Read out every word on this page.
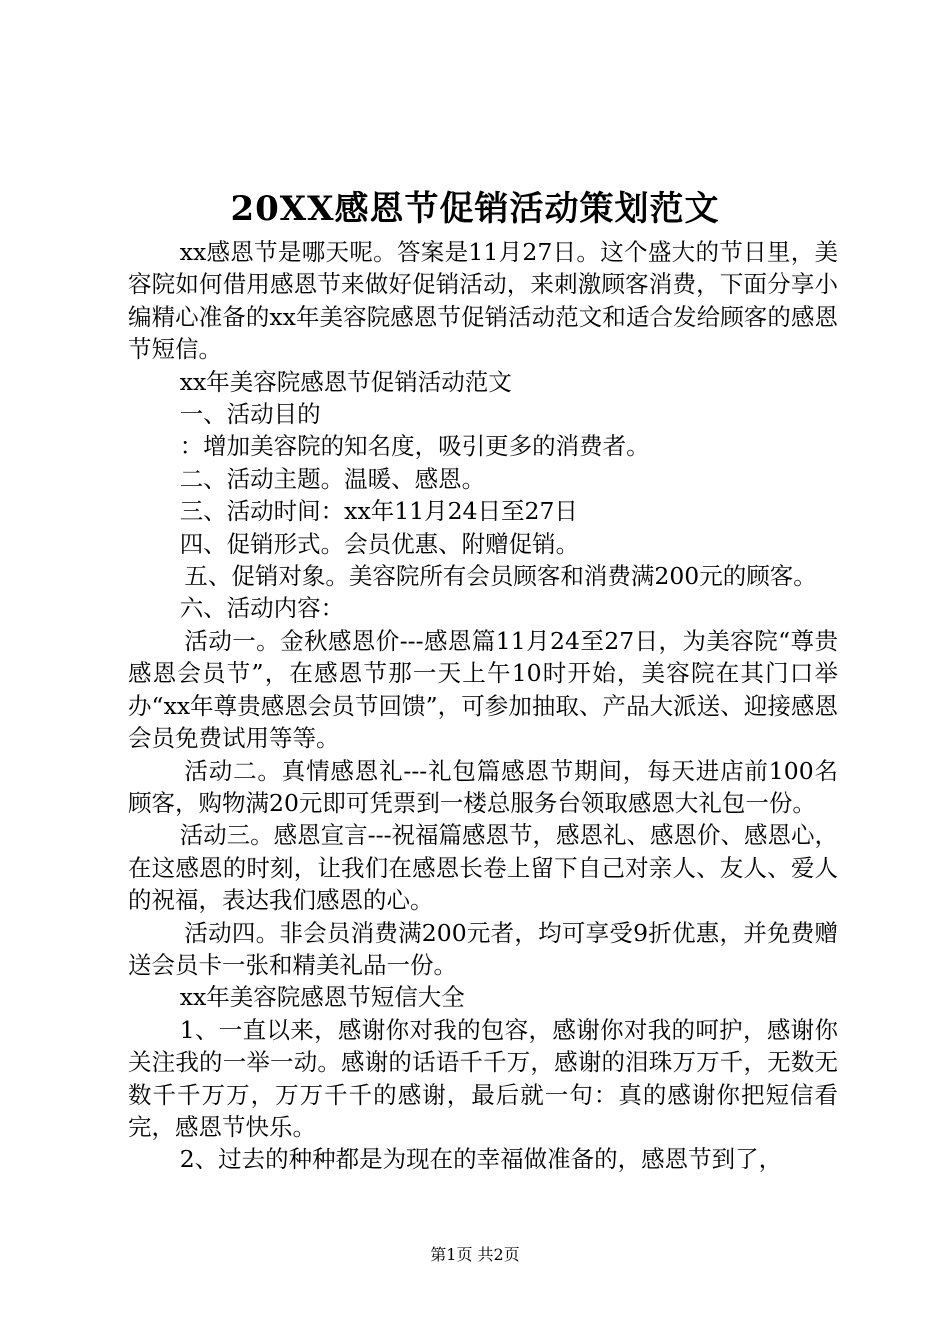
20XX感恩节促销活动策划范文

xx感恩节是哪天呢。答案是11月27日。这个盛大的节日里，美容院如何借用感恩节来做好促销活动，来刺激顾客消费，下面分享小编精心准备的xx年美容院感恩节促销活动范文和适合发给顾客的感恩节短信。

xx年美容院感恩节促销活动范文

一、活动目的

：增加美容院的知名度，吸引更多的消费者。

二、活动主题。温暖、感恩。

三、活动时间：xx年11月24日至27日

四、促销形式。会员优惠、附赠促销。

五、促销对象。美容院所有会员顾客和消费满200元的顾客。

六、活动内容：

活动一。金秋感恩价---感恩篇11月24至27日，为美容院“尊贵感恩会员节”，在感恩节那一天上午10时开始，美容院在其门口举办“xx年尊贵感恩会员节回馈”，可参加抽取、产品大派送、迎接感恩会员免费试用等等。

活动二。真情感恩礼---礼包篇感恩节期间，每天进店前100名顾客，购物满20元即可凭票到一楼总服务台领取感恩大礼包一份。

活动三。感恩宣言---祝福篇感恩节，感恩礼、感恩价、感恩心，在这感恩的时刻，让我们在感恩长卷上留下自己对亲人、友人、爱人的祝福，表达我们感恩的心。

活动四。非会员消费满200元者，均可享受9折优惠，并免费赠送会员卡一张和精美礼品一份。

xx年美容院感恩节短信大全

1、一直以来，感谢你对我的包容，感谢你对我的呵护，感谢你关注我的一举一动。感谢的话语千千万，感谢的泪珠万万千，无数无数千千万万，万万千千的感谢，最后就一句：真的感谢你把短信看完，感恩节快乐。

2、过去的种种都是为现在的幸福做准备的，感恩节到了，

第1页 共2页
